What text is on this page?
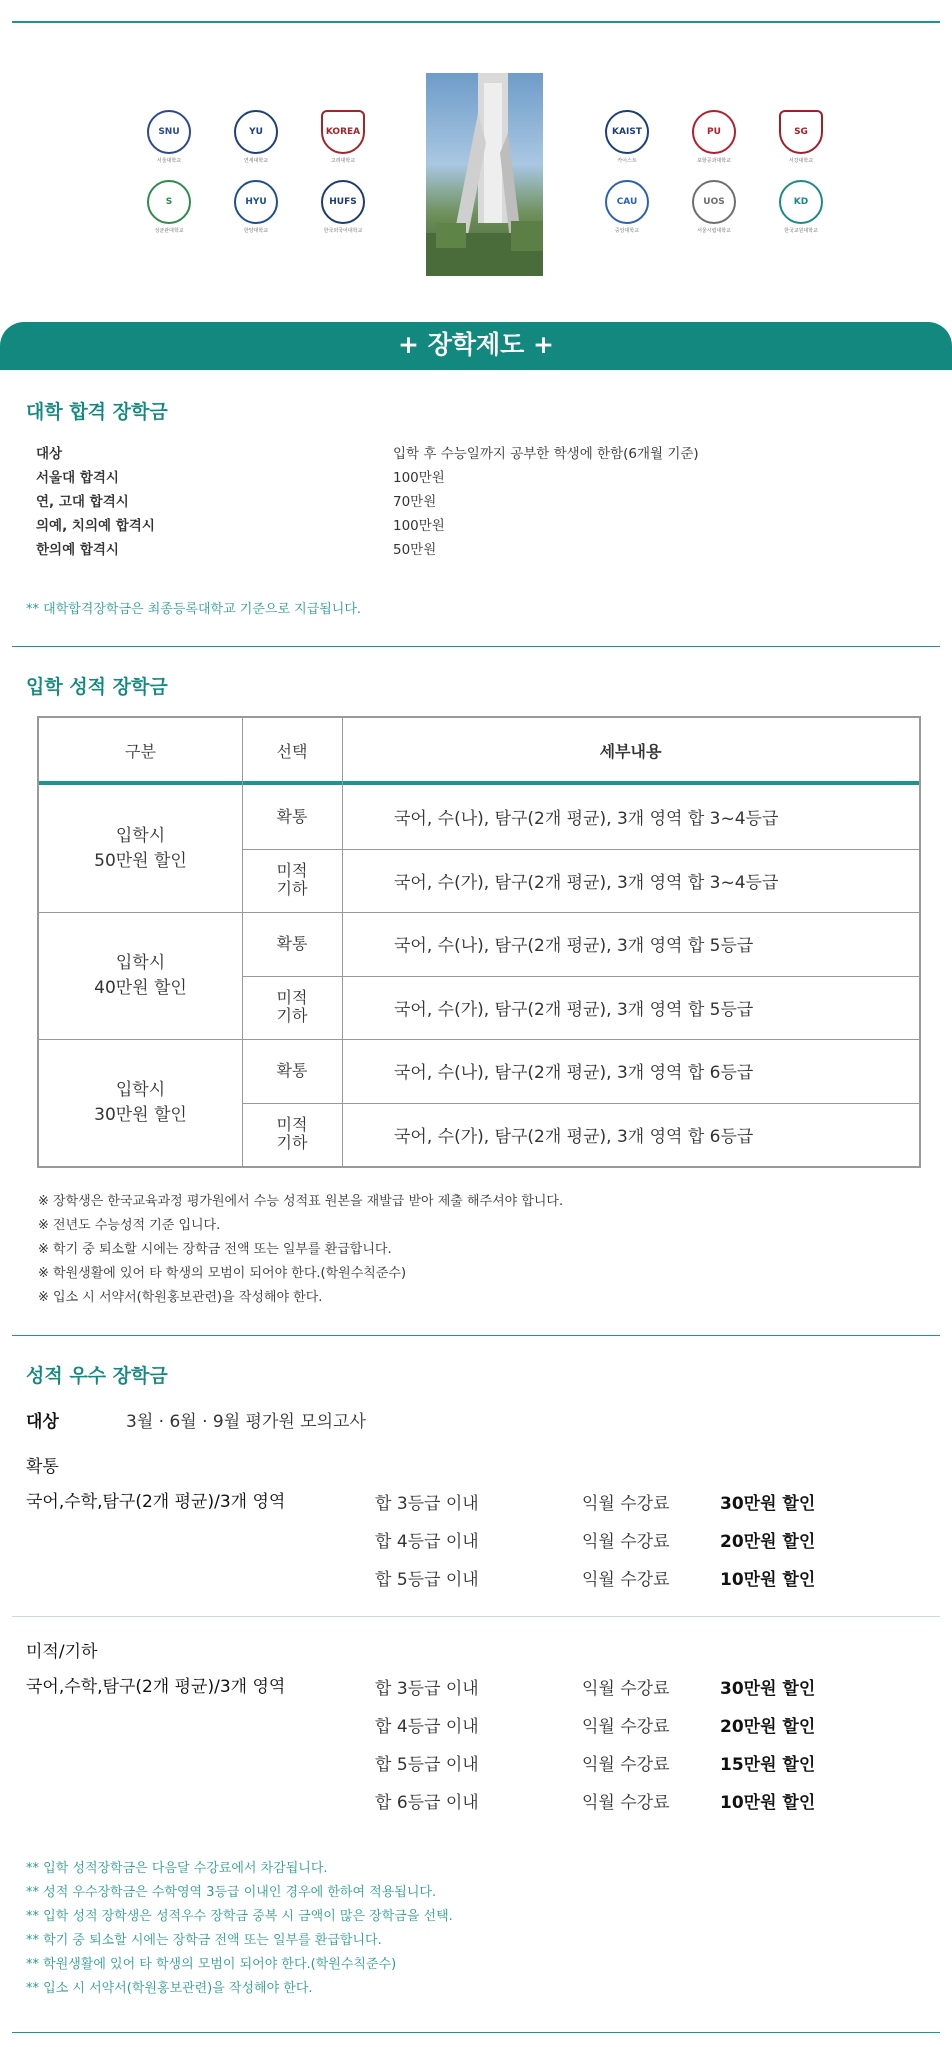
SNU
서울대학교
YU
연세대학교
KOREA
고려대학교
S
성균관대학교
HYU
한양대학교
HUFS
한국외국어대학교
KAIST
카이스트
PU
포항공과대학교
SG
서강대학교
CAU
중앙대학교
UOS
서울시립대학교
KD
한국교원대학교
+ 장학제도 +
대학 합격 장학금
대상	입학 후 수능일까지 공부한 학생에 한함(6개월 기준)
서울대 합격시	100만원
연, 고대 합격시	70만원
의예, 치의예 합격시	100만원
한의예 합격시	50만원
** 대학합격장학금은 최종등록대학교 기준으로 지급됩니다.
입학 성적 장학금
구분	선택	세부내용
입학시
50만원 할인
확통	국어, 수(나), 탐구(2개 평균), 3개 영역 합 3~4등급
미적
기하	국어, 수(가), 탐구(2개 평균), 3개 영역 합 3~4등급
입학시
40만원 할인
확통	국어, 수(나), 탐구(2개 평균), 3개 영역 합 5등급
미적
기하	국어, 수(가), 탐구(2개 평균), 3개 영역 합 5등급
입학시
30만원 할인
확통	국어, 수(나), 탐구(2개 평균), 3개 영역 합 6등급
미적
기하	국어, 수(가), 탐구(2개 평균), 3개 영역 합 6등급
※ 장학생은 한국교육과정 평가원에서 수능 성적표 원본을 재발급 받아 제출 해주셔야 합니다.
※ 전년도 수능성적 기준 입니다.
※ 학기 중 퇴소할 시에는 장학금 전액 또는 일부를 환급합니다.
※ 학원생활에 있어 타 학생의 모범이 되어야 한다.(학원수칙준수)
※ 입소 시 서약서(학원홍보관련)을 작성해야 한다.
성적 우수 장학금
대상	3월 · 6월 · 9월 평가원 모의고사
확통
국어,수학,탐구(2개 평균)/3개 영역	합 3등급 이내	익월 수강료	30만원 할인
합 4등급 이내	익월 수강료	20만원 할인
합 5등급 이내	익월 수강료	10만원 할인
미적/기하
국어,수학,탐구(2개 평균)/3개 영역	합 3등급 이내	익월 수강료	30만원 할인
합 4등급 이내	익월 수강료	20만원 할인
합 5등급 이내	익월 수강료	15만원 할인
합 6등급 이내	익월 수강료	10만원 할인
** 입학 성적장학금은 다음달 수강료에서 차감됩니다.
** 성적 우수장학금은 수학영역 3등급 이내인 경우에 한하여 적용됩니다.
** 입학 성적 장학생은 성적우수 장학금 중복 시 금액이 많은 장학금을 선택.
** 학기 중 퇴소할 시에는 장학금 전액 또는 일부를 환급합니다.
** 학원생활에 있어 타 학생의 모범이 되어야 한다.(학원수칙준수)
** 입소 시 서약서(학원홍보관련)을 작성해야 한다.
